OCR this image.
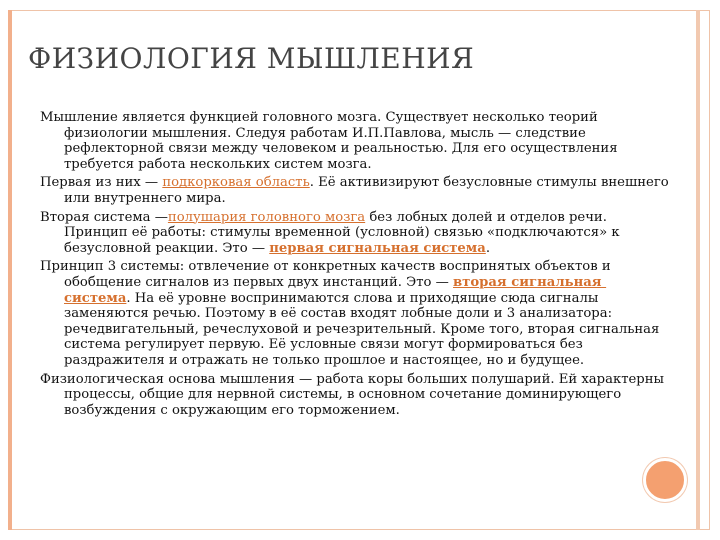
ФИЗИОЛОГИЯ МЫШЛЕНИЯ

Мышление является функцией головного мозга. Существует несколько теорий физиологии мышления. Следуя работам И.П.Павлова, мысль — следствие рефлекторной связи между человеком и реальностью. Для его осуществления требуется работа нескольких систем мозга.

Первая из них — подкорковая область. Её активизируют безусловные стимулы внешнего или внутреннего мира.

Вторая система —полушария головного мозга без лобных долей и отделов речи. Принцип её работы: стимулы временной (условной) связью «подключаются» к безусловной реакции. Это — первая сигнальная система.

Принцип 3 системы: отвлечение от конкретных качеств воспринятых объектов и обобщение сигналов из первых двух инстанций. Это — вторая сигнальная система. На её уровне воспринимаются слова и приходящие сюда сигналы заменяются речью. Поэтому в её состав входят лобные доли и 3 анализатора: речедвигательный, речеслуховой и речезрительный. Кроме того, вторая сигнальная система регулирует первую. Её условные связи могут формироваться без раздражителя и отражать не только прошлое и настоящее, но и будущее.

Физиологическая основа мышления — работа коры больших полушарий. Ей характерны процессы, общие для нервной системы, в основном сочетание доминирующего возбуждения с окружающим его торможением.
